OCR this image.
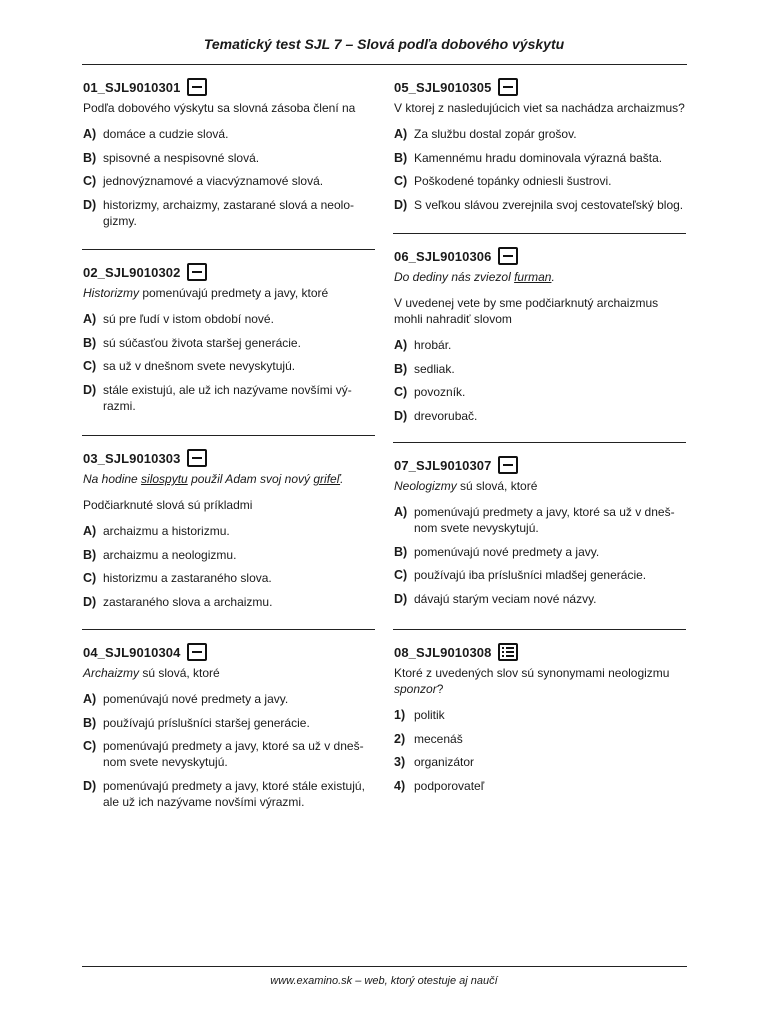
Tematický test SJL 7 – Slová podľa dobového výskytu
01_SJL9010301
Podľa dobového výskytu sa slovná zásoba člení na
A) domáce a cudzie slová.
B) spisovné a nespisovné slová.
C) jednovýznamové a viacvýznamové slová.
D) historizmy, archaizmy, zastarané slová a neolo-gizmy.
02_SJL9010302
Historizmy pomenúvajú predmety a javy, ktoré
A) sú pre ľudí v istom období nové.
B) sú súčasťou života staršej generácie.
C) sa už v dnešnom svete nevyskytujú.
D) stále existujú, ale už ich nazývame novšími vý-razmi.
03_SJL9010303
Na hodine silospytu použil Adam svoj nový grifeľ.
Podčiarknuté slová sú príkladmi
A) archaizmu a historizmu.
B) archaizmu a neologizmu.
C) historizmu a zastaraného slova.
D) zastaraného slova a archaizmu.
04_SJL9010304
Archaizmy sú slová, ktoré
A) pomenúvajú nové predmety a javy.
B) používajú príslušníci staršej generácie.
C) pomenúvajú predmety a javy, ktoré sa už v dneš-nom svete nevyskytujú.
D) pomenúvajú predmety a javy, ktoré stále existujú, ale už ich nazývame novšími výrazmi.
05_SJL9010305
V ktorej z nasledujúcich viet sa nachádza archaizmus?
A) Za službu dostal zopár grošov.
B) Kamennému hradu dominovala výrazná bašta.
C) Poškodené topánky odniesli šustrovi.
D) S veľkou slávou zverejnila svoj cestovateľský blog.
06_SJL9010306
Do dediny nás zviezol furman.
V uvedenej vete by sme podčiarknutý archaizmus mohli nahradiť slovom
A) hrobár.
B) sedliak.
C) povozník.
D) drevorubač.
07_SJL9010307
Neologizmy sú slová, ktoré
A) pomenúvajú predmety a javy, ktoré sa už v dneš-nom svete nevyskytujú.
B) pomenúvajú nové predmety a javy.
C) používajú iba príslušníci mladšej generácie.
D) dávajú starým veciam nové názvy.
08_SJL9010308
Ktoré z uvedených slov sú synonymami neologizmu
sponzor?
1) politik
2) mecenáš
3) organizátor
4) podporovateľ
www.examino.sk – web, ktorý otestuje aj naučí
